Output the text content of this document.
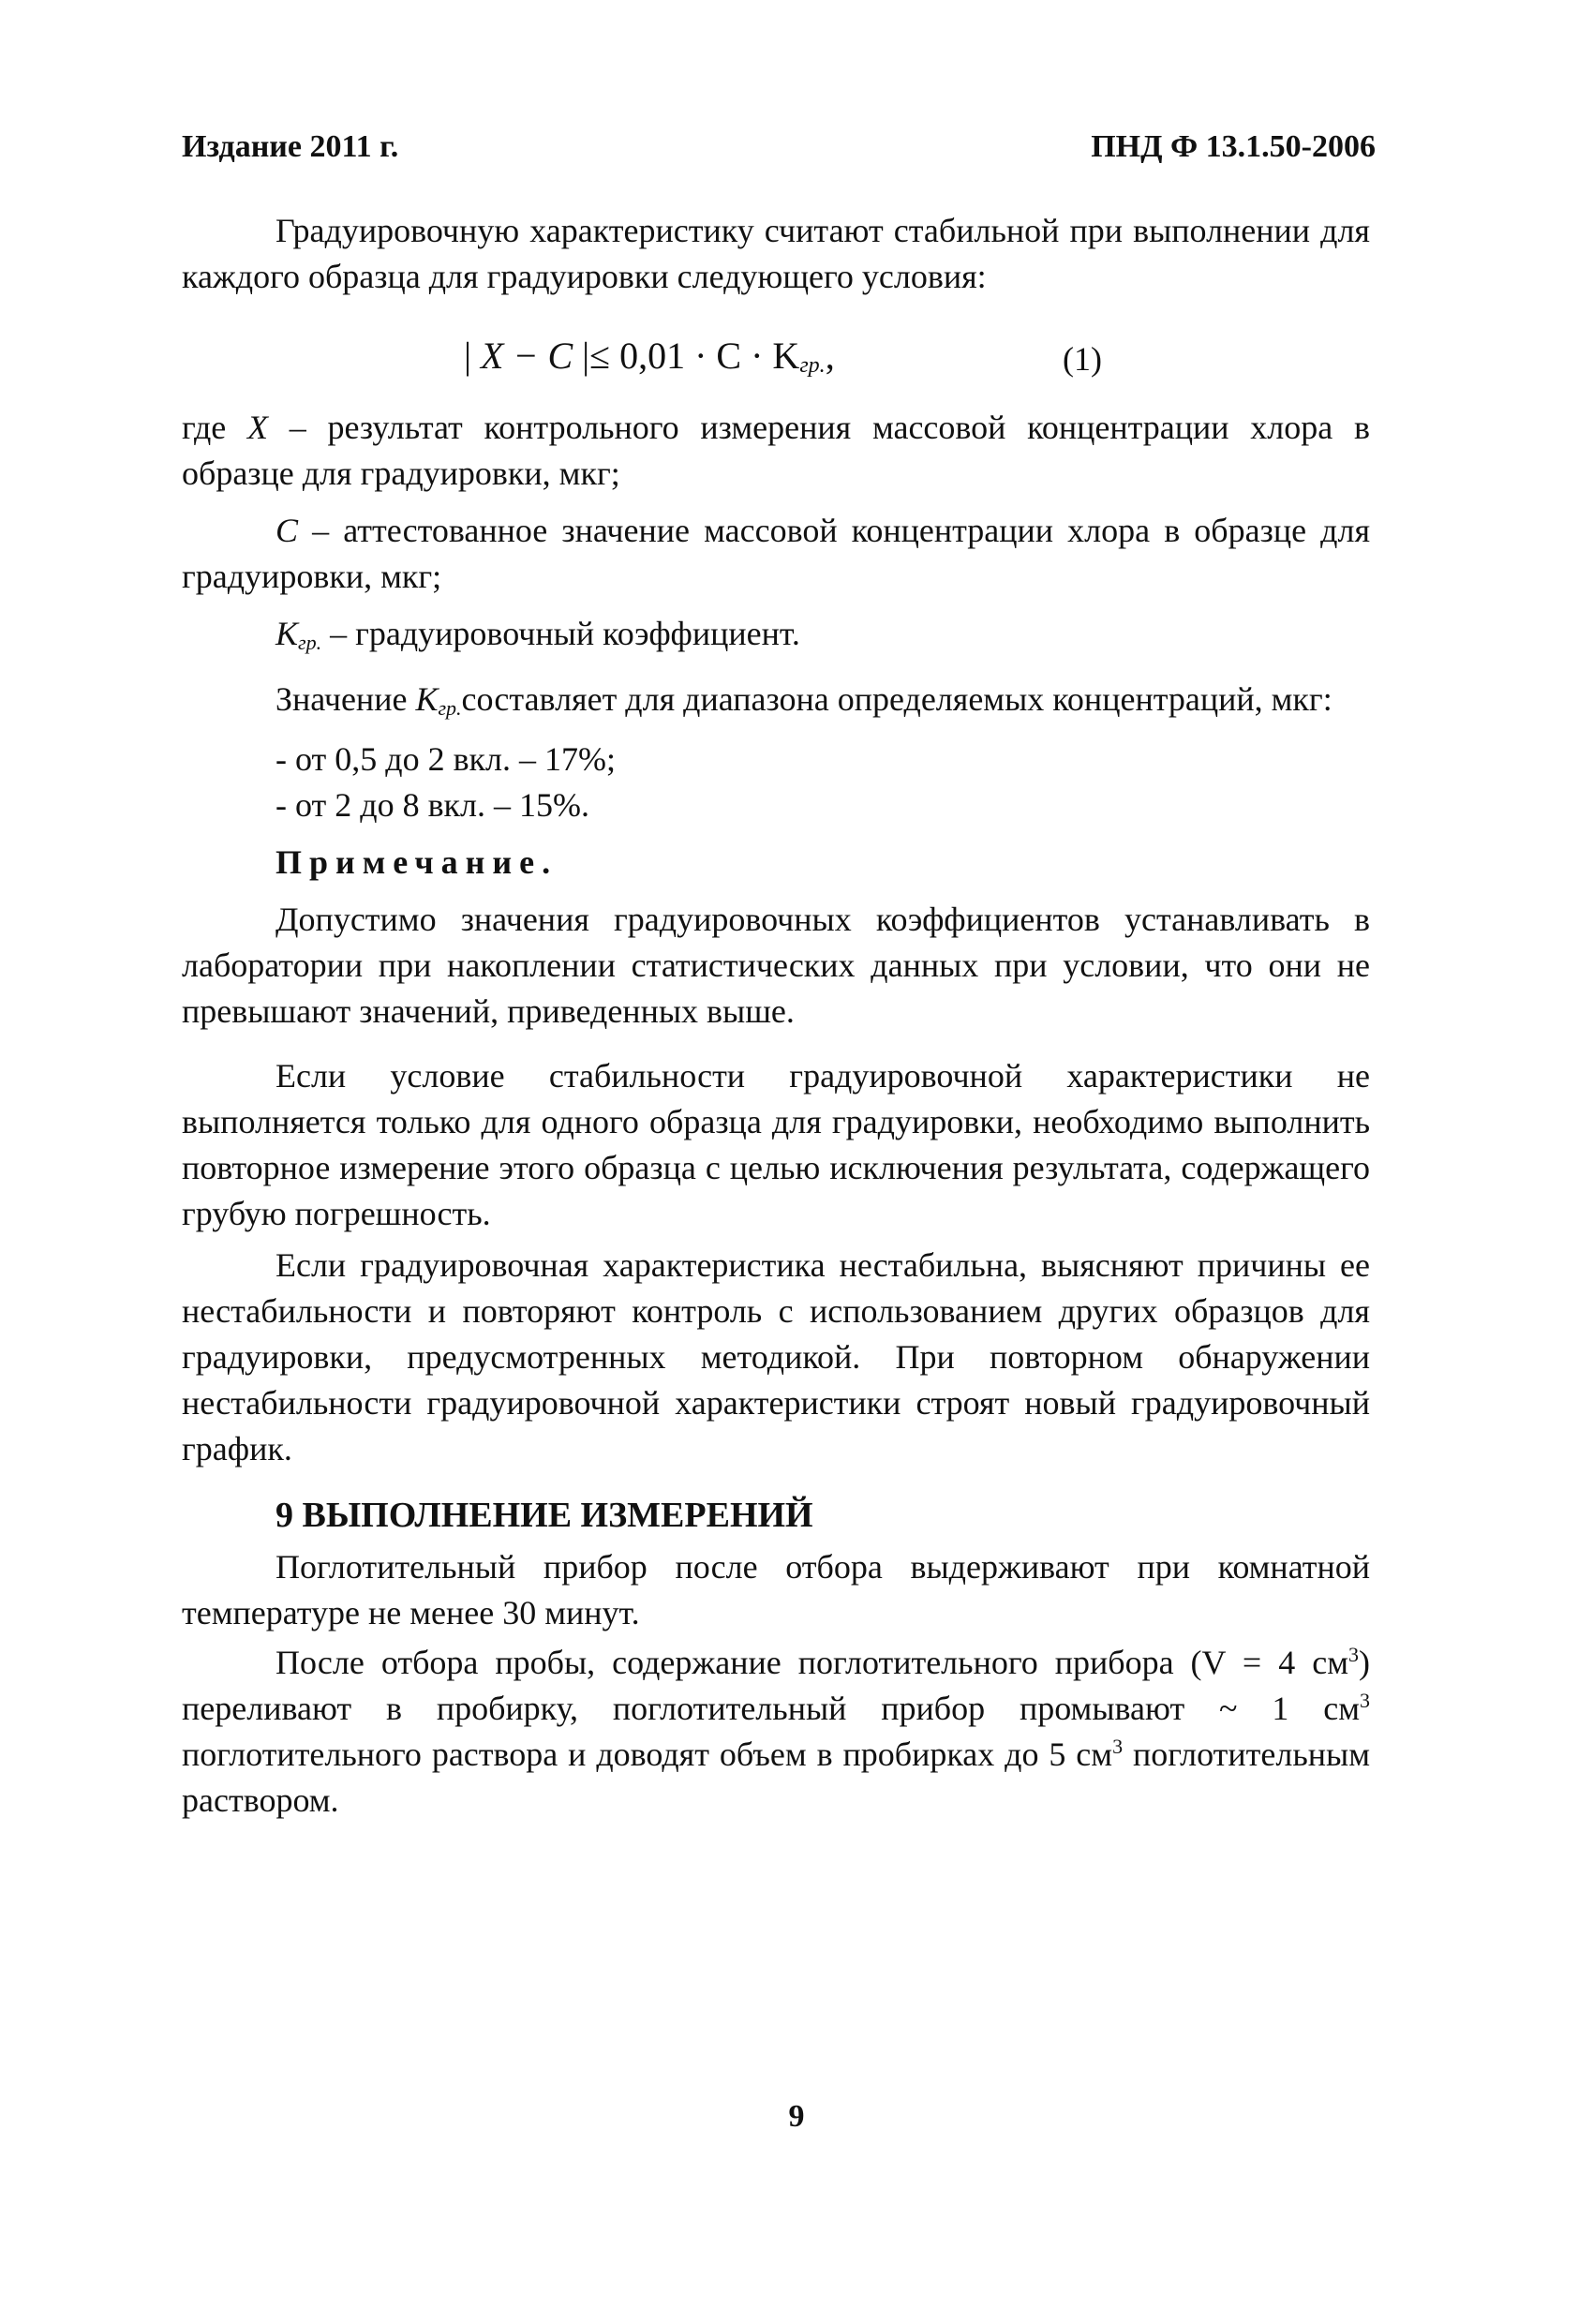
Издание 2011 г.	ПНД Ф 13.1.50-2006

Градуировочную характеристику считают стабильной при выполнении для каждого образца для градуировки следующего условия:

| X − C |≤ 0,01 · C · Kгр.,	(1)

где X – результат контрольного измерения массовой концентрации хлора в образце для градуировки, мкг;

C – аттестованное значение массовой концентрации хлора в образце для градуировки, мкг;

Kгр. – градуировочный коэффициент.

Значение Kгр.составляет для диапазона определяемых концентраций, мкг:

- от 0,5 до 2 вкл. – 17%;

- от 2 до 8 вкл. – 15%.

Примечание.

Допустимо значения градуировочных коэффициентов устанавливать в лаборатории при накоплении статистических данных при условии, что они не превышают значений, приведенных выше.

Если условие стабильности градуировочной характеристики не выполняется только для одного образца для градуировки, необходимо выполнить повторное измерение этого образца с целью исключения результата, содержащего грубую погрешность.

Если градуировочная характеристика нестабильна, выясняют причины ее нестабильности и повторяют контроль с использованием других образцов для градуировки, предусмотренных методикой. При повторном обнаружении нестабильности градуировочной характеристики строят новый градуировочный график.

9 ВЫПОЛНЕНИЕ ИЗМЕРЕНИЙ

Поглотительный прибор после отбора выдерживают при комнатной температуре не менее 30 минут.

После отбора пробы, содержание поглотительного прибора (V = 4 $см^3$) переливают в пробирку, поглотительный прибор промывают ~ 1 $см^3$ поглотительного раствора и доводят объем в пробирках до 5 $см^3$ поглотительным раствором.

9
